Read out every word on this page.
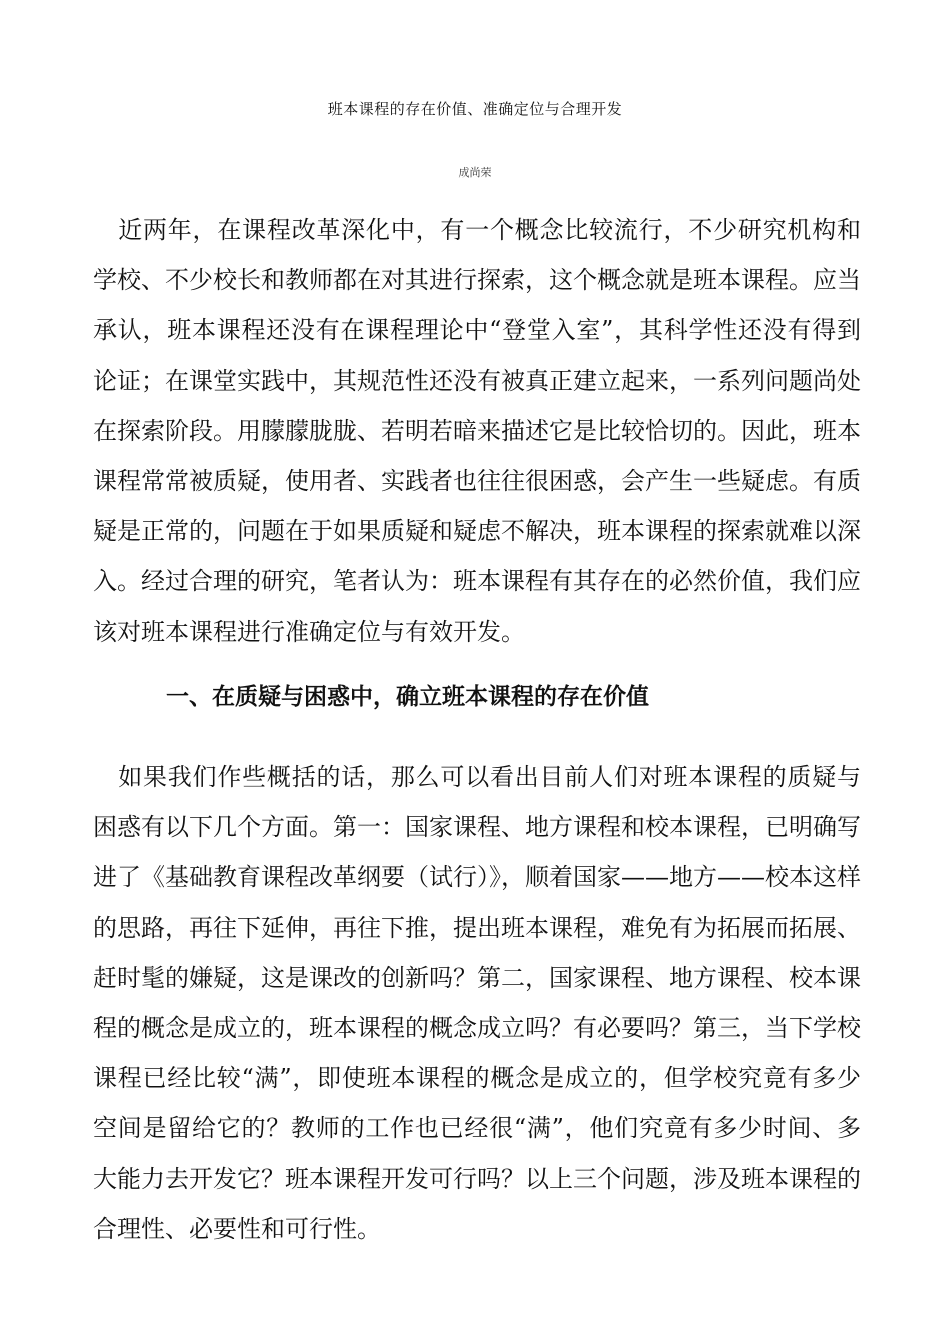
班本课程的存在价值、准确定位与合理开发
成尚荣

近两年，在课程改革深化中，有一个概念比较流行，不少研究机构和学校、不少校长和教师都在对其进行探索，这个概念就是班本课程。应当承认，班本课程还没有在课程理论中“登堂入室”，其科学性还没有得到论证；在课堂实践中，其规范性还没有被真正建立起来，一系列问题尚处在探索阶段。用朦朦胧胧、若明若暗来描述它是比较恰切的。因此，班本课程常常被质疑，使用者、实践者也往往很困惑，会产生一些疑虑。有质疑是正常的，问题在于如果质疑和疑虑不解决，班本课程的探索就难以深入。经过合理的研究，笔者认为：班本课程有其存在的必然价值，我们应该对班本课程进行准确定位与有效开发。

一、在质疑与困惑中，确立班本课程的存在价值

如果我们作些概括的话，那么可以看出目前人们对班本课程的质疑与困惑有以下几个方面。第一：国家课程、地方课程和校本课程，已明确写进了《基础教育课程改革纲要（试行）》，顺着国家——地方——校本这样的思路，再往下延伸，再往下推，提出班本课程，难免有为拓展而拓展、赶时髦的嫌疑，这是课改的创新吗？第二，国家课程、地方课程、校本课程的概念是成立的，班本课程的概念成立吗？有必要吗？第三，当下学校课程已经比较“满”，即使班本课程的概念是成立的，但学校究竟有多少空间是留给它的？教师的工作也已经很“满”，他们究竟有多少时间、多大能力去开发它？班本课程开发可行吗？以上三个问题，涉及班本课程的合理性、必要性和可行性。
